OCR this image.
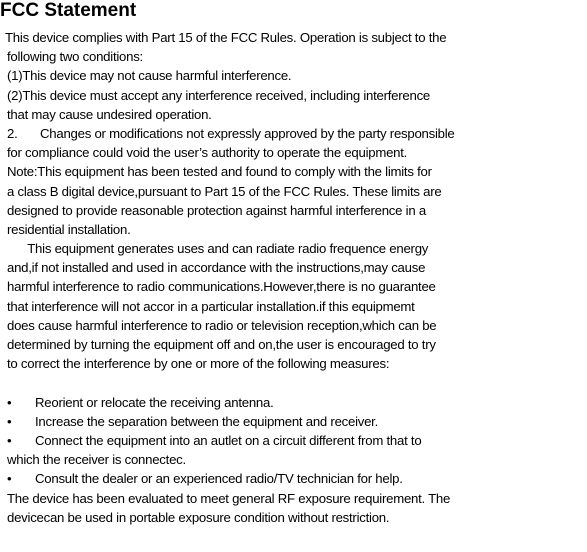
FCC Statement
This device complies with Part 15 of the FCC Rules. Operation is subject to the
following two conditions:
(1)This device may not cause harmful interference.
(2)This device must accept any interference received, including interference
that may cause undesired operation.
2. Changes or modifications not expressly approved by the party responsible
for compliance could void the user’s authority to operate the equipment.
Note:This equipment has been tested and found to comply with the limits for
a class B digital device,pursuant to Part 15 of the FCC Rules. These limits are
designed to provide reasonable protection against harmful interference in a
residential installation.
This equipment generates uses and can radiate radio frequence energy
and,if not installed and used in accordance with the instructions,may cause
harmful interference to radio communications.However,there is no guarantee
that interference will not accor in a particular installation.if this equipmemt
does cause harmful interference to radio or television reception,which can be
determined by turning the equipment off and on,the user is encouraged to try
to correct the interference by one or more of the following measures:
• Reorient or relocate the receiving antenna.
• Increase the separation between the equipment and receiver.
• Connect the equipment into an autlet on a circuit different from that to
which the receiver is connectec.
• Consult the dealer or an experienced radio/TV technician for help.
The device has been evaluated to meet general RF exposure requirement. The
devicecan be used in portable exposure condition without restriction.
